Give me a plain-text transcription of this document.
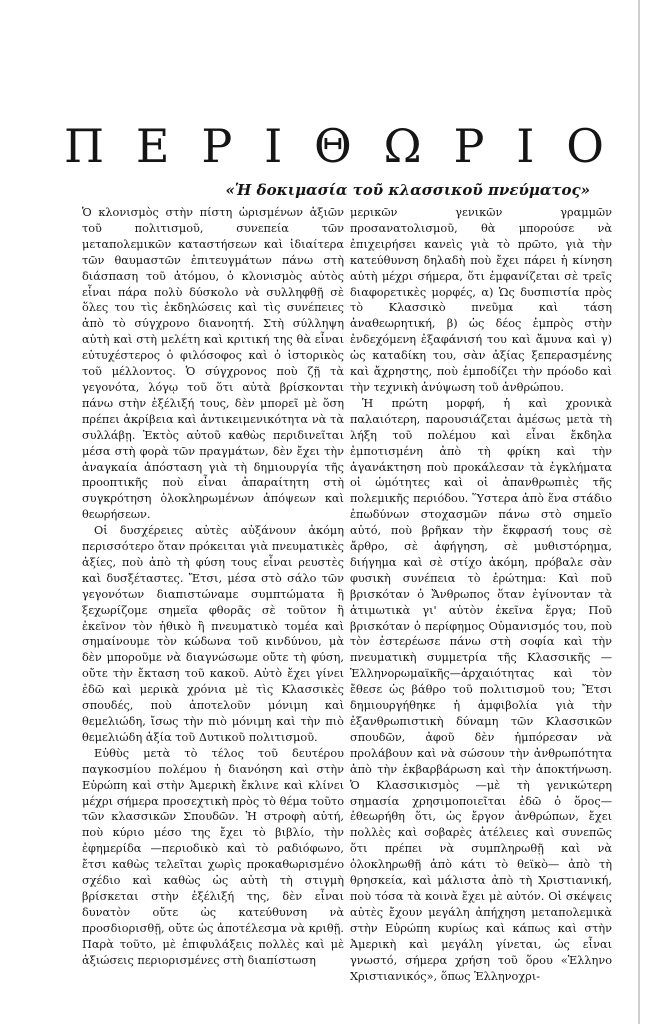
Π Ε Ρ Ι Θ Ω Ρ Ι Ο
«Ἡ δοκιμασία τοῦ κλασσικοῦ πνεύματος»

Ὁ κλονισμὸς στὴν πίστη ὡρισμένων ἀξιῶν τοῦ πολιτισμοῦ, συνεπεία τῶν μεταπολεμικῶν καταστήσεων καὶ ἰδιαίτερα τῶν θαυμαστῶν ἐπιτευγμάτων πάνω στὴ διάσπαση τοῦ ἀτόμου, ὁ κλονισμὸς αὐτὸς εἶναι πάρα πολὺ δύσκολο νὰ συλληφθῇ σὲ ὅλες του τὶς ἐκδηλώσεις καὶ τὶς συνέπειες ἀπὸ τὸ σύγχρονο διανοητή. Στὴ σύλληψη αὐτὴ καὶ στὴ μελέτη καὶ κριτική της θὰ εἶναι εὐτυχέστερος ὁ φιλόσοφος καὶ ὁ ἱστορικὸς τοῦ μέλλοντος. Ὁ σύγχρονος ποὺ ζῇ τὰ γεγονότα, λόγῳ τοῦ ὅτι αὐτὰ βρίσκονται πάνω στὴν ἐξέλιξή τους, δὲν μπορεῖ μὲ ὅση πρέπει ἀκρίβεια καὶ ἀντικειμενικότητα νὰ τὰ συλλάβῃ. Ἐκτὸς αὐτοῦ καθὼς περιδινεῖται μέσα στὴ φορὰ τῶν πραγμάτων, δὲν ἔχει τὴν ἀναγκαία ἀπόσταση γιὰ τὴ δημιουργία τῆς προοπτικῆς ποὺ εἶναι ἀπαραίτητη στὴ συγκρότηση ὁλοκληρωμένων ἀπόψεων καὶ θεωρήσεων.

Οἱ δυσχέρειες αὐτὲς αὐξάνουν ἀκόμη περισσότερο ὅταν πρόκειται γιὰ πνευματικὲς ἀξίες, ποὺ ἀπὸ τὴ φύση τους εἶναι ρευστὲς καὶ δυσξέταστες. Ἔτσι, μέσα στὸ σάλο τῶν γεγονότων διαπιστώναμε συμπτώματα ἢ ξεχωρίζομε σημεῖα φθορᾶς σὲ τοῦτον ἢ ἐκεῖνον τὸν ἠθικὸ ἢ πνευματικὸ τομέα καὶ σημαίνουμε τὸν κώδωνα τοῦ κινδύνου, μὰ δὲν μποροῦμε νὰ διαγνώσωμε οὔτε τὴ φύση, οὔτε τὴν ἔκταση τοῦ κακοῦ. Αὐτὸ ἔχει γίνει ἐδῶ καὶ μερικὰ χρόνια μὲ τὶς Κλασσικὲς σπουδές, ποὺ ἀποτελοῦν μόνιμη καὶ θεμελιώδη, ἴσως τὴν πιὸ μόνιμη καὶ τὴν πιὸ θεμελιώδη ἀξία τοῦ Δυτικοῦ πολιτισμοῦ.

Εὐθὺς μετὰ τὸ τέλος τοῦ δευτέρου παγκοσμίου πολέμου ἡ διανόηση καὶ στὴν Εὐρώπη καὶ στὴν Ἀμερικὴ ἔκλινε καὶ κλίνει μέχρι σήμερα προσεχτικὴ πρὸς τὸ θέμα τοῦτο τῶν κλασσικῶν Σπουδῶν. Ἡ στροφὴ αὐτή, ποὺ κύριο μέσο της ἔχει τὸ βιβλίο, τὴν ἐφημερίδα —περιοδικὸ καὶ τὸ ραδιόφωνο, ἔτσι καθὼς τελεῖται χωρὶς προκαθωρισμένο σχέδιο καὶ καθὼς ὡς αὐτὴ τὴ στιγμὴ βρίσκεται στὴν ἐξέλιξή της, δὲν εἶναι δυνατὸν οὔτε ὡς κατεύθυνση νὰ προσδιορισθῇ, οὔτε ὡς ἀποτέλεσμα νὰ κριθῇ. Παρὰ τοῦτο, μὲ ἐπιφυλάξεις πολλὲς καὶ μὲ ἀξιώσεις περιορισμένες στὴ διαπίστωση

μερικῶν γενικῶν γραμμῶν προσανατολισμοῦ, θὰ μπορούσε νὰ ἐπιχειρήσει κανεὶς γιὰ τὸ πρῶτο, γιὰ τὴν κατεύθυνση δηλαδὴ ποὺ ἔχει πάρει ἡ κίνηση αὐτὴ μέχρι σήμερα, ὅτι ἐμφανίζεται σὲ τρεῖς διαφορετικὲς μορφές, α) Ὡς δυσπιστία πρὸς τὸ Κλασσικὸ πνεῦμα καὶ τάση ἀναθεωρητική, β) ὡς δέος ἐμπρὸς στὴν ἐνδεχόμενη ἐξαφάνισή του καὶ ἄμυνα καὶ γ) ὡς καταδίκη του, σὰν ἀξίας ξεπερασμένης καὶ ἄχρηστης, ποὺ ἐμποδίζει τὴν πρόοδο καὶ τὴν τεχνικὴ ἀνύψωση τοῦ ἀνθρώπου.

Ἡ πρώτη μορφή, ἡ καὶ χρονικὰ παλαιότερη, παρουσιάζεται ἀμέσως μετὰ τὴ λήξη τοῦ πολέμου καὶ εἶναι ἔκδηλα ἐμποτισμένη ἀπὸ τὴ φρίκη καὶ τὴν ἀγανάκτηση ποὺ προκάλεσαν τὰ ἐγκλήματα οἱ ὠμότητες καὶ οἱ ἀπανθρωπιὲς τῆς πολεμικῆς περιόδου. Ὕστερα ἀπὸ ἕνα στάδιο ἐπωδύνων στοχασμῶν πάνω στὸ σημεῖο αὐτό, ποὺ βρῆκαν τὴν ἔκφρασή τους σὲ ἄρθρο, σὲ ἀφήγηση, σὲ μυθιστόρημα, διήγημα καὶ σὲ στίχο ἀκόμη, πρόβαλε σὰν φυσικὴ συνέπεια τὸ ἐρώτημα: Καὶ ποῦ βρισκόταν ὁ Ἄνθρωπος ὅταν ἐγίνονταν τὰ ἀτιμωτικὰ γι' αὐτὸν ἐκεῖνα ἔργα; Ποῦ βρισκόταν ὁ περίφημος Οὑμανισμός του, ποὺ τὸν ἐστερέωσε πάνω στὴ σοφία καὶ τὴν πνευματικὴ συμμετρία τῆς Κλασσικῆς — Ἑλληνορωμαϊκῆς—ἀρχαιότητας καὶ τὸν ἔθεσε ὡς βάθρο τοῦ πολιτισμοῦ του; Ἔτσι δημιουργήθηκε ἡ ἀμφιβολία γιὰ τὴν ἐξανθρωπιστικὴ δύναμη τῶν Κλασσικῶν σπουδῶν, ἀφοῦ δὲν ἠμπόρεσαν νὰ προλάβουν καὶ νὰ σώσουν τὴν ἀνθρωπότητα ἀπὸ τὴν ἐκβαρβάρωση καὶ τὴν ἀποκτήνωση. Ὁ Κλασσικισμὸς —μὲ τὴ γενικώτερη σημασία χρησιμοποιεῖται ἐδῶ ὁ ὅρος— ἐθεωρήθη ὅτι, ὡς ἔργον ἀνθρώπων, ἔχει πολλὲς καὶ σοβαρὲς ἀτέλειες καὶ συνεπῶς ὅτι πρέπει νὰ συμπληρωθῇ καὶ νὰ ὁλοκληρωθῇ ἀπὸ κάτι τὸ θεϊκὸ— ἀπὸ τὴ θρησκεία, καὶ μάλιστα ἀπὸ τὴ Χριστιανική, ποὺ τόσα τὰ κοινὰ ἔχει μὲ αὐτόν. Οἱ σκέψεις αὐτὲς ἔχουν μεγάλη ἀπήχηση μεταπολεμικὰ στὴν Εὐρώπη κυρίως καὶ κάπως καὶ στὴν Ἀμερικὴ καὶ μεγάλη γίνεται, ὡς εἶναι γνωστό, σήμερα χρήση τοῦ ὅρου «Ἑλληνο Χριστιανικός», ὅπως Ἑλληνοχρι-
